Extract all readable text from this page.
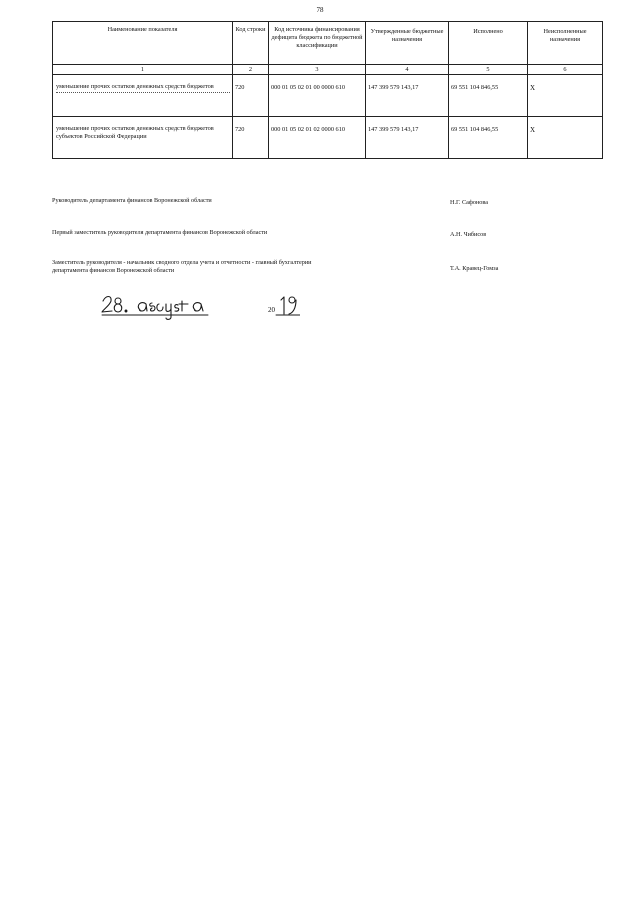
78
Наименование показателя	Код строки	Код источника финансирования дефицита бюджета по бюджетной классификации	Утвержденные бюджетные назначения	Исполнено	Неисполненные назначения
1	2	3	4	5	6
уменьшение прочих остатков денежных средств бюджетов	720	000 01 05 02 01 00 0000 610	147 399 579 143,17	69 551 104 846,55	X
уменьшение прочих остатков денежных средств бюджетов субъектов Российской Федерации	720	000 01 05 02 01 02 0000 610	147 399 579 143,17	69 551 104 846,55	X
Руководитель департамента финансов Воронежской области	Н.Г. Сафонова
Первый заместитель руководителя департамента финансов Воронежской области	А.Н. Чибисов
Заместитель руководителя - начальник сводного отдела учета и отчетности - главный бухгалтерии департамента финансов Воронежской области	Т.А. Кравец-Гомза
20
